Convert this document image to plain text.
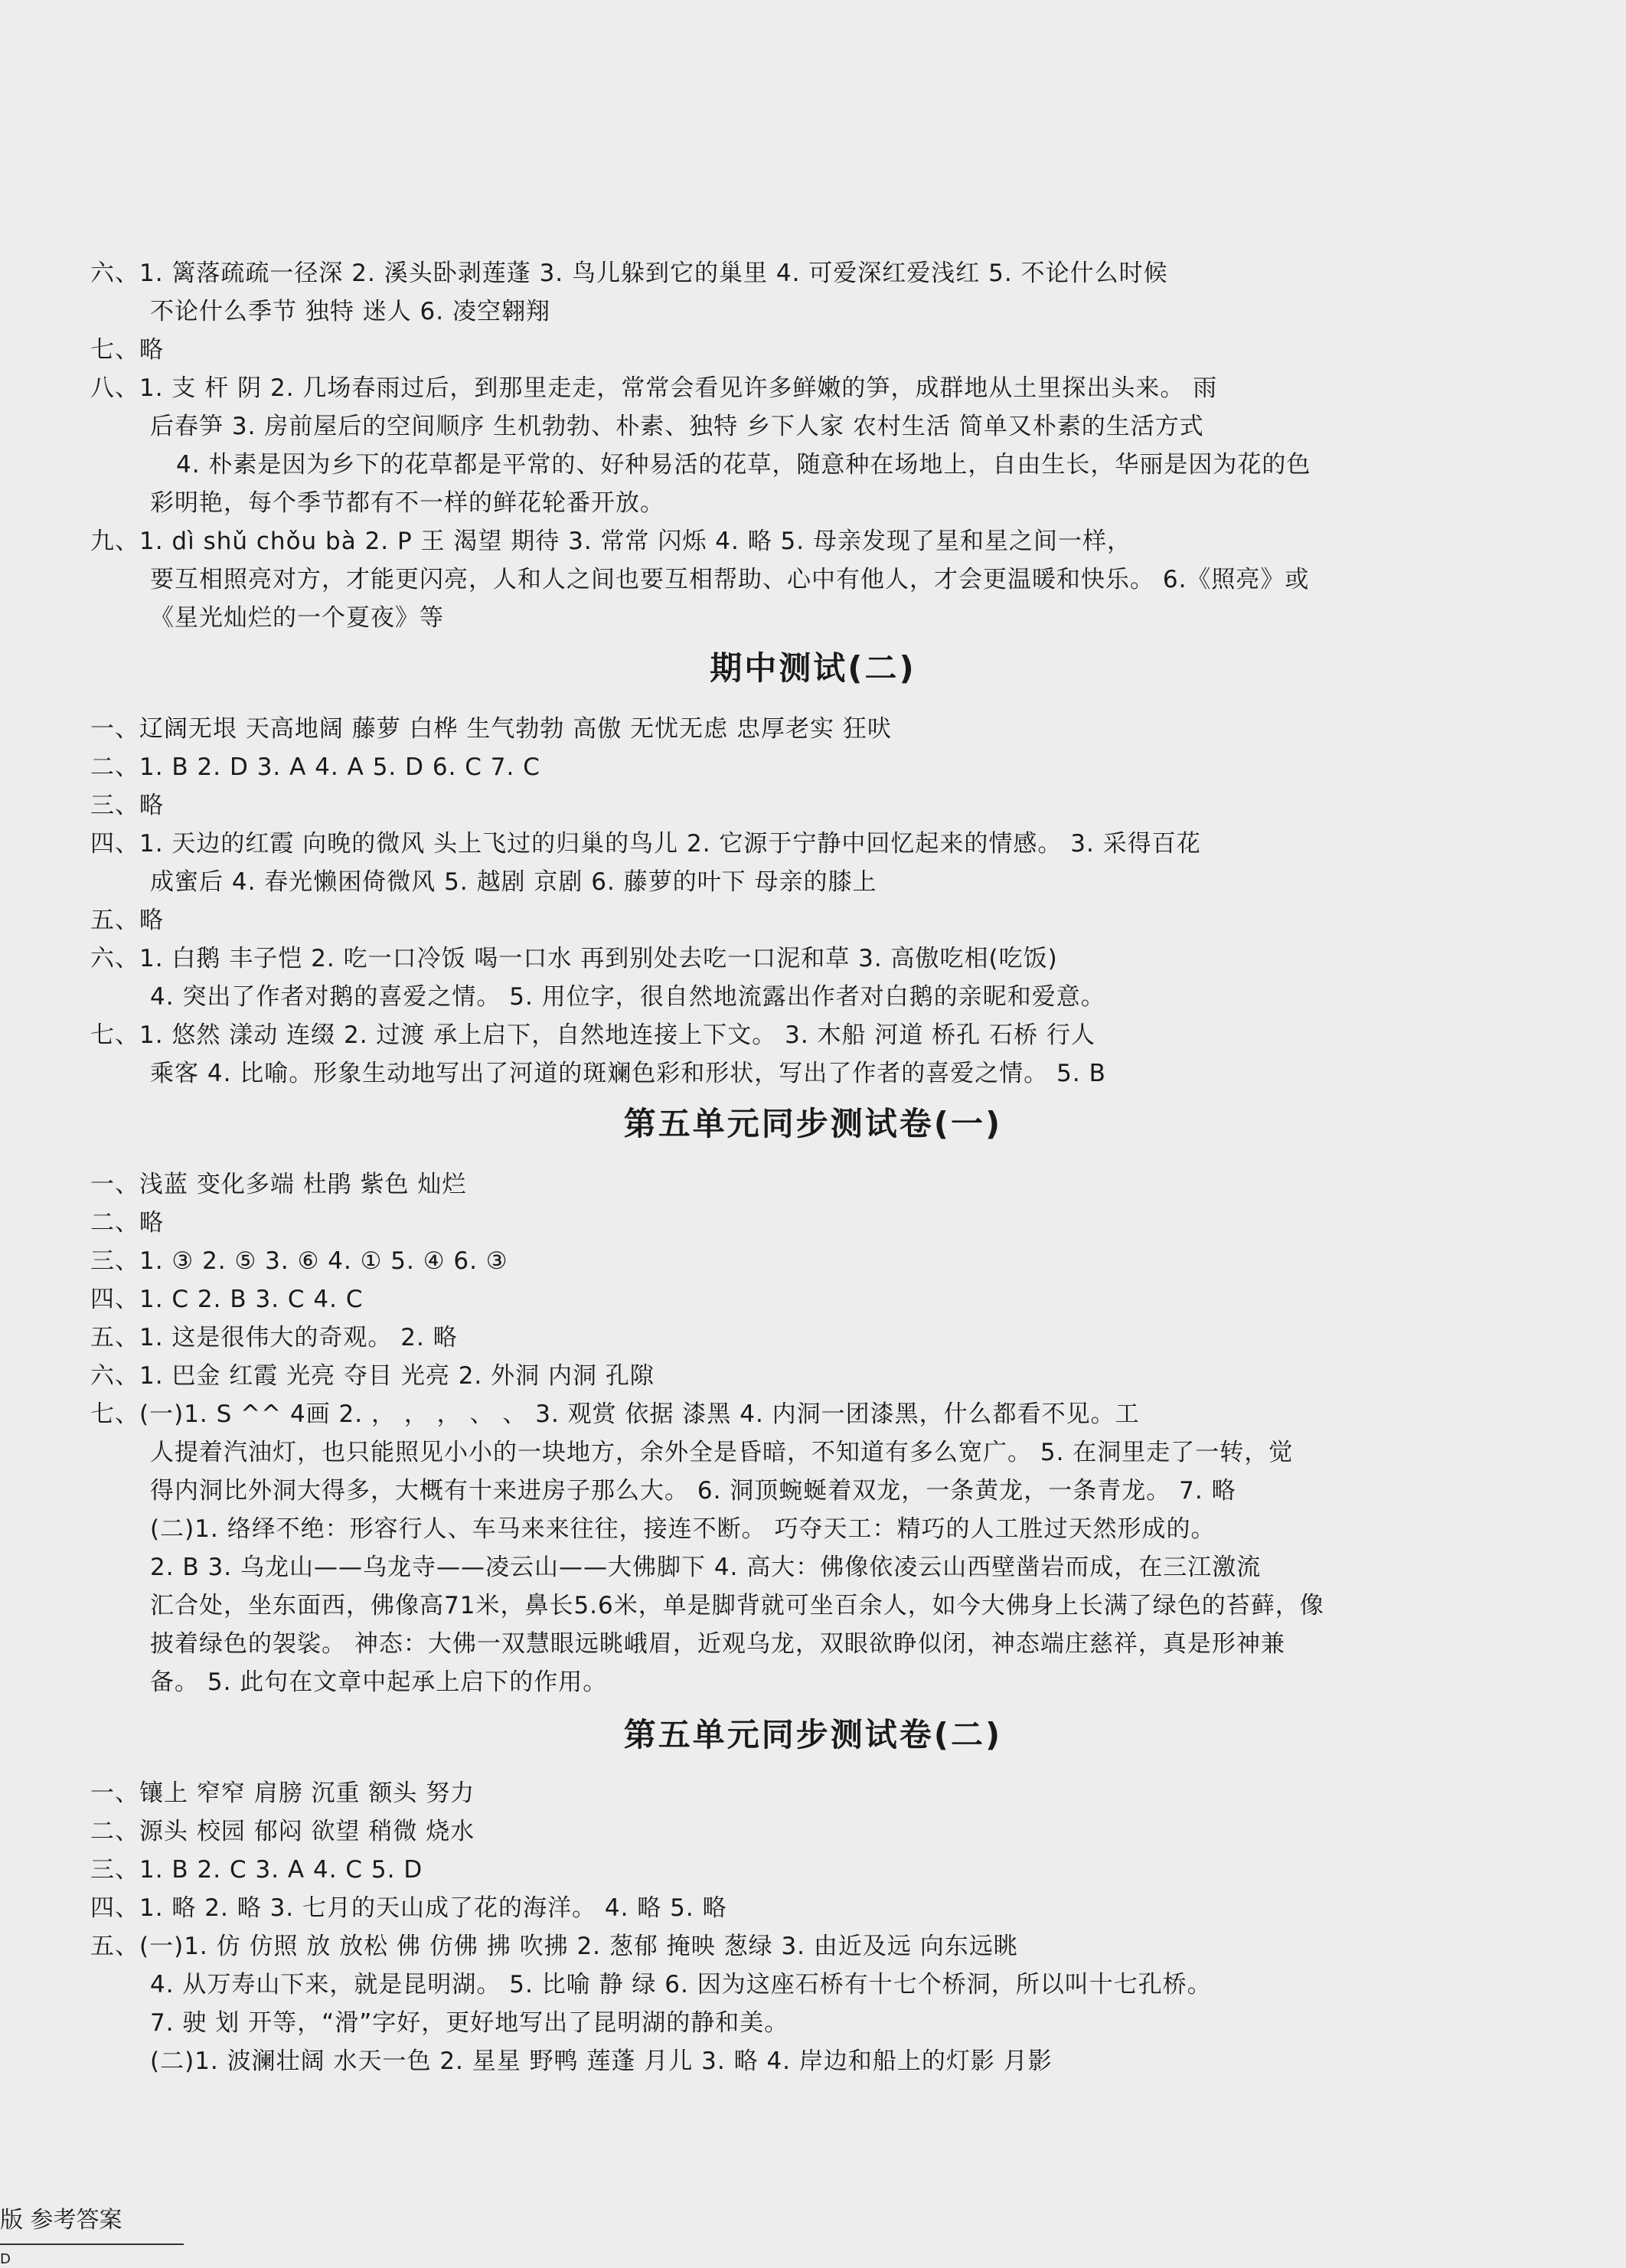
六、1. 篱落疏疏一径深 2. 溪头卧剥莲蓬 3. 鸟儿躲到它的巢里 4. 可爱深红爱浅红 5. 不论什么时候
不论什么季节 独特 迷人 6. 凌空翱翔
七、略
八、1. 支 杆 阴 2. 几场春雨过后，到那里走走，常常会看见许多鲜嫩的笋，成群地从土里探出头来。 雨
后春笋 3. 房前屋后的空间顺序 生机勃勃、朴素、独特 乡下人家 农村生活 简单又朴素的生活方式
4. 朴素是因为乡下的花草都是平常的、好种易活的花草，随意种在场地上，自由生长，华丽是因为花的色
彩明艳，每个季节都有不一样的鲜花轮番开放。
九、1. dì shǔ chǒu bà 2. P 王 渴望 期待 3. 常常 闪烁 4. 略 5. 母亲发现了星和星之间一样，
要互相照亮对方，才能更闪亮，人和人之间也要互相帮助、心中有他人，才会更温暖和快乐。 6.《照亮》或
《星光灿烂的一个夏夜》等
期中测试(二)
一、辽阔无垠 天高地阔 藤萝 白桦 生气勃勃 高傲 无忧无虑 忠厚老实 狂吠
二、1. B 2. D 3. A 4. A 5. D 6. C 7. C
三、略
四、1. 天边的红霞 向晚的微风 头上飞过的归巢的鸟儿 2. 它源于宁静中回忆起来的情感。 3. 采得百花
成蜜后 4. 春光懒困倚微风 5. 越剧 京剧 6. 藤萝的叶下 母亲的膝上
五、略
六、1. 白鹅 丰子恺 2. 吃一口冷饭 喝一口水 再到别处去吃一口泥和草 3. 高傲吃相(吃饭)
4. 突出了作者对鹅的喜爱之情。 5. 用位字，很自然地流露出作者对白鹅的亲昵和爱意。
七、1. 悠然 漾动 连缀 2. 过渡 承上启下，自然地连接上下文。 3. 木船 河道 桥孔 石桥 行人
乘客 4. 比喻。形象生动地写出了河道的斑斓色彩和形状，写出了作者的喜爱之情。 5. B
第五单元同步测试卷(一)
一、浅蓝 变化多端 杜鹃 紫色 灿烂
二、略
三、1. ③ 2. ⑤ 3. ⑥ 4. ① 5. ④ 6. ③
四、1. C 2. B 3. C 4. C
五、1. 这是很伟大的奇观。 2. 略
六、1. 巴金 红霞 光亮 夺目 光亮 2. 外洞 内洞 孔隙
七、(一)1. S ^^ 4画 2. ， ， ， 、 、 3. 观赏 依据 漆黑 4. 内洞一团漆黑，什么都看不见。工
人提着汽油灯，也只能照见小小的一块地方，余外全是昏暗，不知道有多么宽广。 5. 在洞里走了一转，觉
得内洞比外洞大得多，大概有十来进房子那么大。 6. 洞顶蜿蜒着双龙，一条黄龙，一条青龙。 7. 略
(二)1. 络绎不绝：形容行人、车马来来往往，接连不断。 巧夺天工：精巧的人工胜过天然形成的。
2. B 3. 乌龙山——乌龙寺——凌云山——大佛脚下 4. 高大：佛像依凌云山西壁凿岩而成，在三江激流
汇合处，坐东面西，佛像高71米，鼻长5.6米，单是脚背就可坐百余人，如今大佛身上长满了绿色的苔藓，像
披着绿色的袈裟。 神态：大佛一双慧眼远眺峨眉，近观乌龙，双眼欲睁似闭，神态端庄慈祥，真是形神兼
备。 5. 此句在文章中起承上启下的作用。
第五单元同步测试卷(二)
一、镶上 窄窄 肩膀 沉重 额头 努力
二、源头 校园 郁闷 欲望 稍微 烧水
三、1. B 2. C 3. A 4. C 5. D
四、1. 略 2. 略 3. 七月的天山成了花的海洋。 4. 略 5. 略
五、(一)1. 仿 仿照 放 放松 佛 仿佛 拂 吹拂 2. 葱郁 掩映 葱绿 3. 由近及远 向东远眺
4. 从万寿山下来，就是昆明湖。 5. 比喻 静 绿 6. 因为这座石桥有十七个桥洞，所以叫十七孔桥。
7. 驶 划 开等，“滑”字好，更好地写出了昆明湖的静和美。
(二)1. 波澜壮阔 水天一色 2. 星星 野鸭 莲蓬 月儿 3. 略 4. 岸边和船上的灯影 月影
版 参考答案
D
